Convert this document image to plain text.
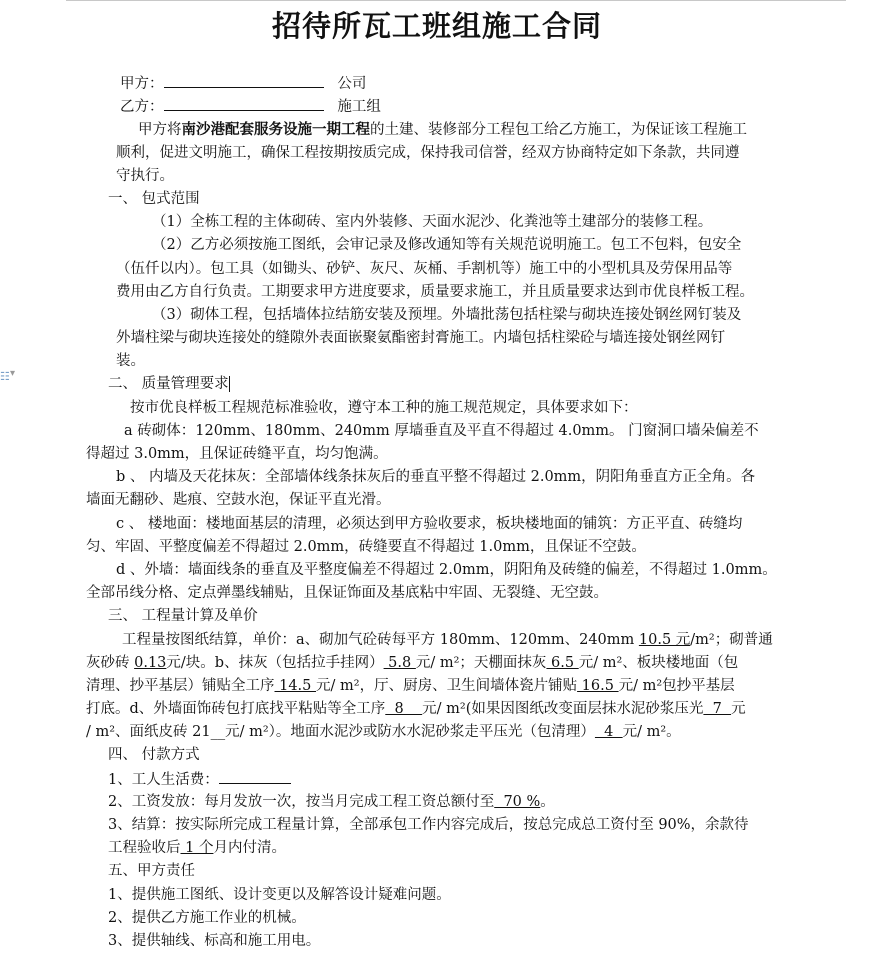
☷ ▾
招待所瓦工班组施工合同
甲方：	公司
乙方：	施工组
甲方将南沙港配套服务设施一期工程的土建、装修部分工程包工给乙方施工，为保证该工程施工
顺利，促进文明施工，确保工程按期按质完成，保持我司信誉，经双方协商特定如下条款，共同遵
守执行。
一、 包式范围
（1）全栋工程的主体砌砖、室内外装修、天面水泥沙、化粪池等土建部分的装修工程。
（2）乙方必须按施工图纸，会审记录及修改通知等有关规范说明施工。包工不包料，包安全
（伍仟以内）。包工具（如锄头、砂铲、灰尺、灰桶、手割机等）施工中的小型机具及劳保用品等
费用由乙方自行负责。工期要求甲方进度要求，质量要求施工，并且质量要求达到市优良样板工程。
（3）砌体工程，包括墙体拉结筋安装及预埋。外墙批荡包括柱梁与砌块连接处钢丝网钉装及
外墙柱梁与砌块连接处的缝隙外表面嵌聚氨酯密封膏施工。内墙包括柱梁砼与墙连接处钢丝网钉
装。
二、 质量管理要求
按市优良样板工程规范标准验收，遵守本工种的施工规范规定，具体要求如下：
a 砖砌体：120mm、180mm、240mm 厚墙垂直及平直不得超过 4.0mm。 门窗洞口墙朵偏差不
得超过 3.0mm，且保证砖缝平直，均匀饱满。
b 、 内墙及天花抹灰：全部墙体线条抹灰后的垂直平整不得超过 2.0mm，阴阳角垂直方正全角。各
墙面无翻砂、匙痕、空鼓水泡，保证平直光滑。
c 、 楼地面：楼地面基层的清理，必须达到甲方验收要求，板块楼地面的铺筑：方正平直、砖缝均
匀、牢固、平整度偏差不得超过 2.0mm，砖缝要直不得超过 1.0mm，且保证不空鼓。
d 、外墙：墙面线条的垂直及平整度偏差不得超过 2.0mm，阴阳角及砖缝的偏差，不得超过 1.0mm。
全部吊线分格、定点弹墨线辅贴，且保证饰面及基底粘中牢固、无裂缝、无空鼓。
三、 工程量计算及单价
工程量按图纸结算，单价：a、砌加气砼砖每平方 180mm、120mm、240mm 10.5 元/m²；砌普通
灰砂砖 0.13元/块。b、抹灰（包括拉手挂网） 5.8 元/ m²；天棚面抹灰 6.5 元/ m²、板块楼地面（包
清理、抄平基层）铺贴全工序 14.5 元/ m²，厅、厨房、卫生间墙体瓷片铺贴 16.5 元/ m²包抄平基层
打底。d、外墙面饰砖包打底找平粘贴等全工序  8    元/ m²(如果因图纸改变面层抹水泥砂浆压光  7  元
/ m²、面纸皮砖 21__元/ m²）。地面水泥沙或防水水泥砂浆走平压光（包清理）  4  元/ m²。
四、 付款方式
1、工人生活费：
2、工资发放：每月发放一次，按当月完成工程工资总额付至  70 %。
3、结算：按实际所完成工程量计算，全部承包工作内容完成后，按总完成总工资付至 90%，余款待
工程验收后 1 个月内付清。
五、甲方责任
1、提供施工图纸、设计变更以及解答设计疑难问题。
2、提供乙方施工作业的机械。
3、提供轴线、标高和施工用电。
